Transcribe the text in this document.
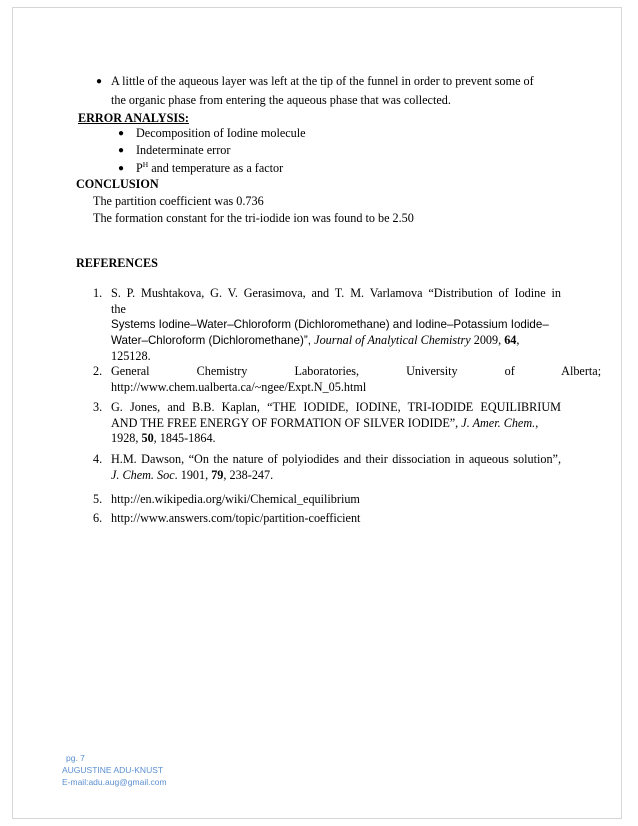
● A little of the aqueous layer was left at the tip of the funnel in order to prevent some of
the organic phase from entering the aqueous phase that was collected.
ERROR ANALYSIS:
● Decomposition of Iodine molecule
● Indeterminate error
● $P^H$ and temperature as a factor
CONCLUSION
The partition coefficient was 0.736
The formation constant for the tri-iodide ion was found to be 2.50
REFERENCES
1. S. P. Mushtakova, G. V. Gerasimova, and T. M. Varlamova “Distribution of Iodine in
the
Systems Iodine–Water–Chloroform (Dichloromethane) and Iodine–Potassium Iodide–
Water–Chloroform (Dichloromethane)”, Journal of Analytical Chemistry 2009, 64,
125128.
2. General Chemistry Laboratories, University of Alberta;
http://www.chem.ualberta.ca/~ngee/Expt.N_05.html
3. G. Jones, and B.B. Kaplan, “THE IODIDE, IODINE, TRI-IODIDE EQUILIBRIUM
AND THE FREE ENERGY OF FORMATION OF SILVER IODIDE”, J. Amer. Chem.,
1928, 50, 1845-1864.
4. H.M. Dawson, “On the nature of polyiodides and their dissociation in aqueous solution”,
J. Chem. Soc. 1901, 79, 238-247.
5. http://en.wikipedia.org/wiki/Chemical_equilibrium
6. http://www.answers.com/topic/partition-coefficient
pg. 7
AUGUSTINE ADU-KNUST
E-mail:adu.aug@gmail.com
